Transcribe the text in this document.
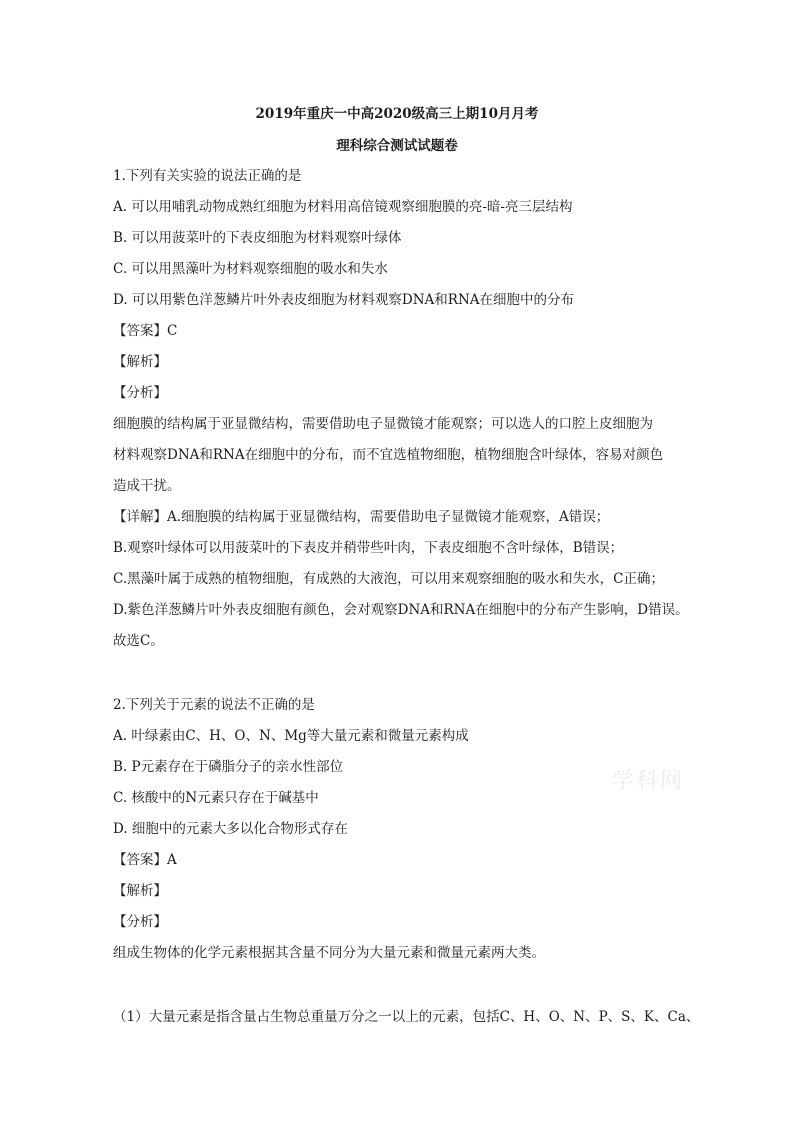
2019年重庆一中高2020级高三上期10月月考
理科综合测试试题卷
1.下列有关实验的说法正确的是
A. 可以用哺乳动物成熟红细胞为材料用高倍镜观察细胞膜的亮-暗-亮三层结构
B. 可以用菠菜叶的下表皮细胞为材料观察叶绿体
C. 可以用黑藻叶为材料观察细胞的吸水和失水
D. 可以用紫色洋葱鳞片叶外表皮细胞为材料观察DNA和RNA在细胞中的分布
【答案】C
【解析】
【分析】
细胞膜的结构属于亚显微结构，需要借助电子显微镜才能观察；可以选人的口腔上皮细胞为
材料观察DNA和RNA在细胞中的分布，而不宜选植物细胞，植物细胞含叶绿体，容易对颜色
造成干扰。
【详解】A.细胞膜的结构属于亚显微结构，需要借助电子显微镜才能观察，A错误；
B.观察叶绿体可以用菠菜叶的下表皮并稍带些叶肉，下表皮细胞不含叶绿体，B错误；
C.黑藻叶属于成熟的植物细胞，有成熟的大液泡，可以用来观察细胞的吸水和失水，C正确；
D.紫色洋葱鳞片叶外表皮细胞有颜色，会对观察DNA和RNA在细胞中的分布产生影响，D错误。
故选C。
2.下列关于元素的说法不正确的是
A. 叶绿素由C、H、O、N、Mg等大量元素和微量元素构成
B. P元素存在于磷脂分子的亲水性部位
C. 核酸中的N元素只存在于碱基中
D. 细胞中的元素大多以化合物形式存在
【答案】A
【解析】
【分析】
组成生物体的化学元素根据其含量不同分为大量元素和微量元素两大类。
（1）大量元素是指含量占生物总重量万分之一以上的元素，包括C、H、O、N、P、S、K、Ca、
学科网
